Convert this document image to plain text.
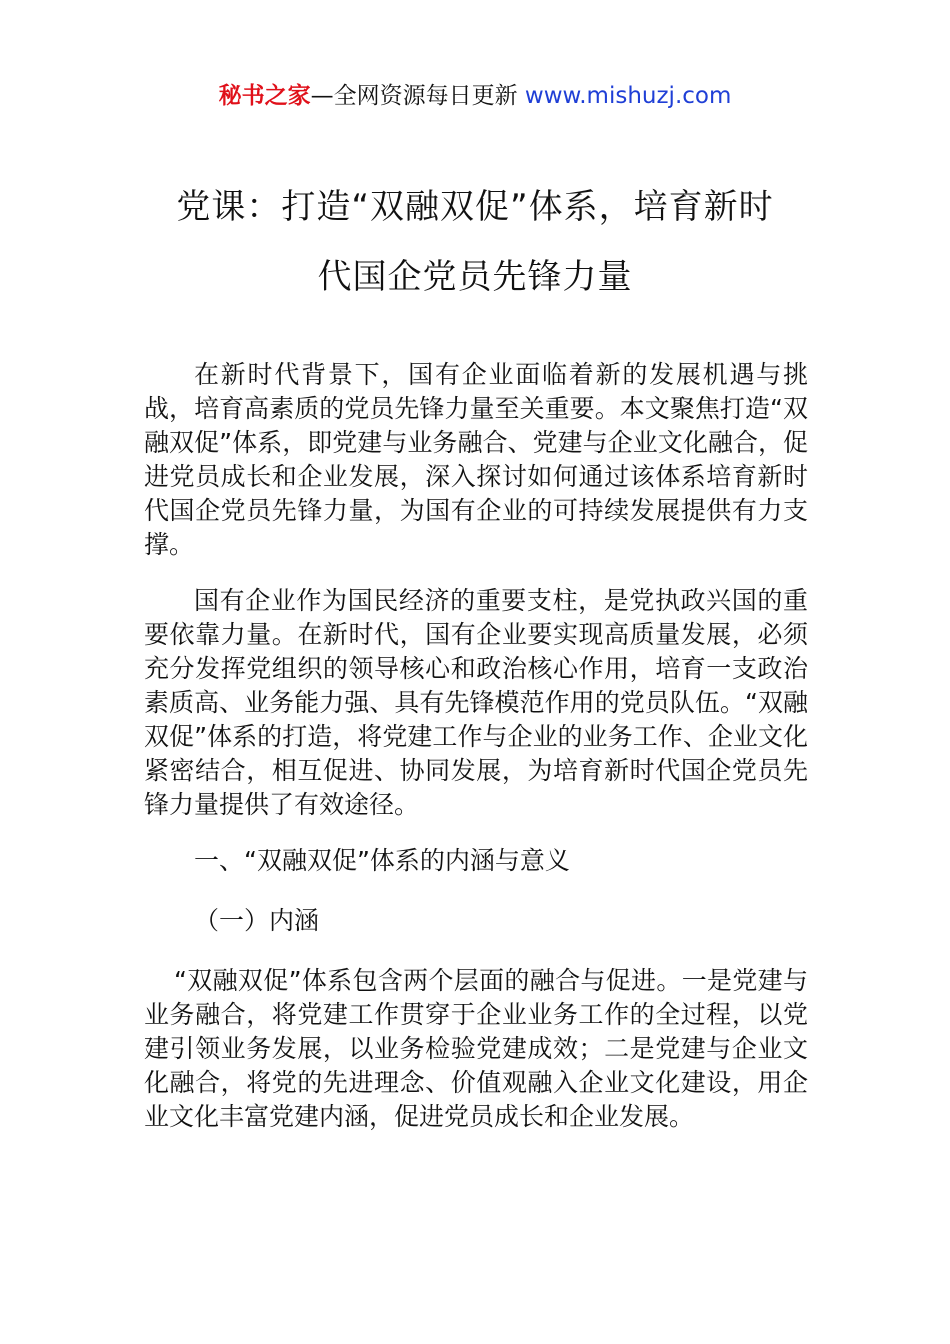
秘书之家—全网资源每日更新 www.mishuzj.com
党课：打造“双融双促”体系，培育新时
代国企党员先锋力量

在新时代背景下，国有企业面临着新的发展机遇与挑战，培育高素质的党员先锋力量至关重要。本文聚焦打造“双融双促”体系，即党建与业务融合、党建与企业文化融合，促进党员成长和企业发展，深入探讨如何通过该体系培育新时代国企党员先锋力量，为国有企业的可持续发展提供有力支撑。

国有企业作为国民经济的重要支柱，是党执政兴国的重要依靠力量。在新时代，国有企业要实现高质量发展，必须充分发挥党组织的领导核心和政治核心作用，培育一支政治素质高、业务能力强、具有先锋模范作用的党员队伍。“双融双促”体系的打造，将党建工作与企业的业务工作、企业文化紧密结合，相互促进、协同发展，为培育新时代国企党员先锋力量提供了有效途径。

一、“双融双促”体系的内涵与意义

（一）内涵

“双融双促”体系包含两个层面的融合与促进。一是党建与业务融合，将党建工作贯穿于企业业务工作的全过程，以党建引领业务发展，以业务检验党建成效；二是党建与企业文化融合，将党的先进理念、价值观融入企业文化建设，用企业文化丰富党建内涵，促进党员成长和企业发展。
